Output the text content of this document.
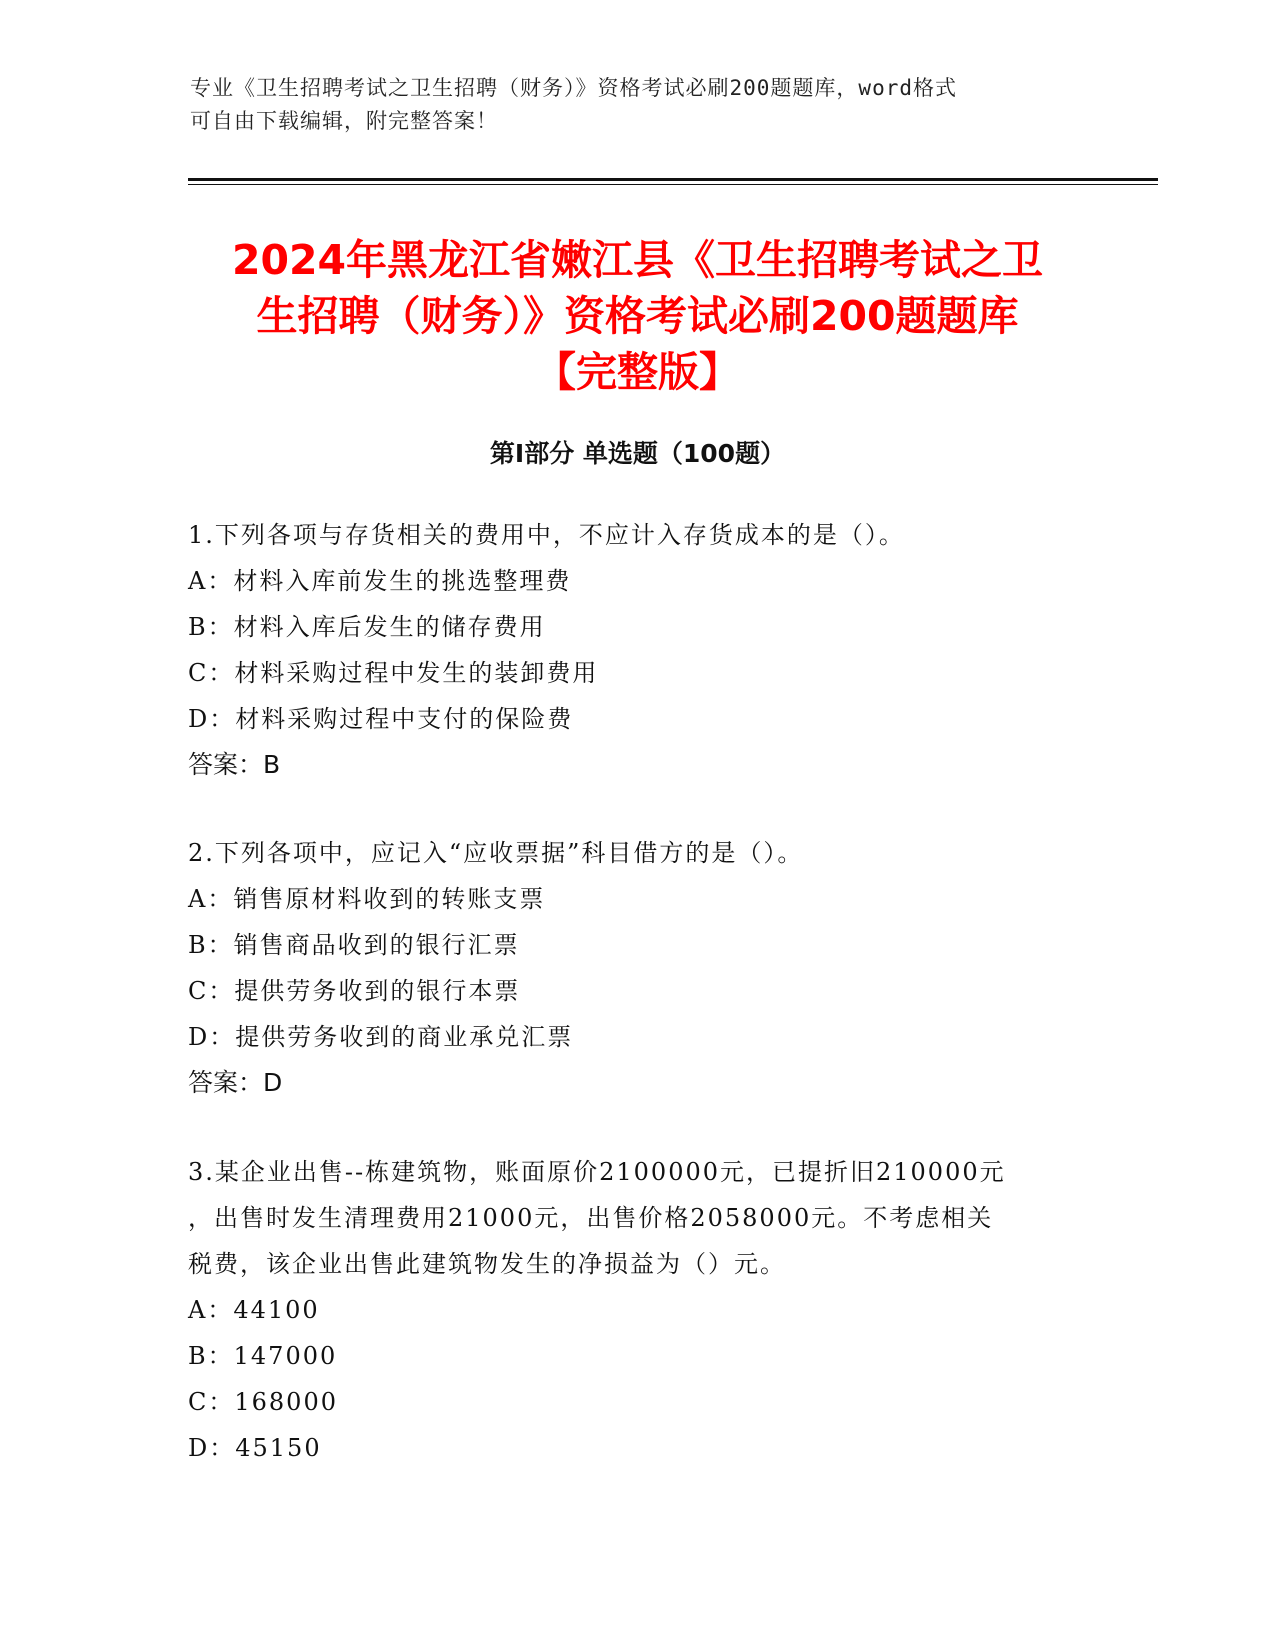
专业《卫生招聘考试之卫生招聘（财务）》资格考试必刷200题题库，word格式
可自由下载编辑，附完整答案！
2024年黑龙江省嫩江县《卫生招聘考试之卫
生招聘（财务）》资格考试必刷200题题库
【完整版】
第Ⅰ部分 单选题（100题）
1.下列各项与存货相关的费用中，不应计入存货成本的是（）。
A：材料入库前发生的挑选整理费
B：材料入库后发生的储存费用
C：材料采购过程中发生的装卸费用
D：材料采购过程中支付的保险费
答案：B
2.下列各项中，应记入“应收票据”科目借方的是（）。
A：销售原材料收到的转账支票
B：销售商品收到的银行汇票
C：提供劳务收到的银行本票
D：提供劳务收到的商业承兑汇票
答案：D
3.某企业出售--栋建筑物，账面原价2100000元，已提折旧210000元
，出售时发生清理费用21000元，出售价格2058000元。不考虑相关
税费，该企业出售此建筑物发生的净损益为（）元。
A：44100
B：147000
C：168000
D：45150
